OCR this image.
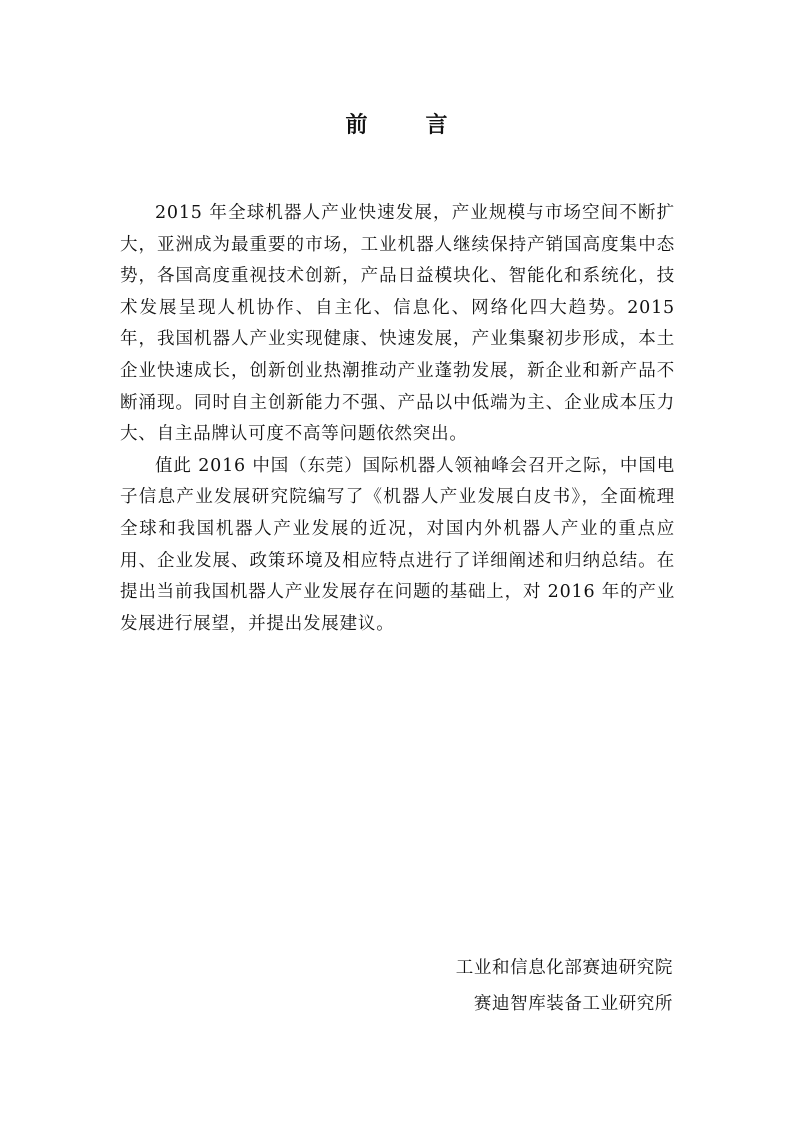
前　言

2015 年全球机器人产业快速发展，产业规模与市场空间不断扩大，亚洲成为最重要的市场，工业机器人继续保持产销国高度集中态势，各国高度重视技术创新，产品日益模块化、智能化和系统化，技术发展呈现人机协作、自主化、信息化、网络化四大趋势。2015 年，我国机器人产业实现健康、快速发展，产业集聚初步形成，本土企业快速成长，创新创业热潮推动产业蓬勃发展，新企业和新产品不断涌现。同时自主创新能力不强、产品以中低端为主、企业成本压力大、自主品牌认可度不高等问题依然突出。

值此 2016 中国（东莞）国际机器人领袖峰会召开之际，中国电子信息产业发展研究院编写了《机器人产业发展白皮书》，全面梳理全球和我国机器人产业发展的近况，对国内外机器人产业的重点应用、企业发展、政策环境及相应特点进行了详细阐述和归纳总结。在提出当前我国机器人产业发展存在问题的基础上，对 2016 年的产业发展进行展望，并提出发展建议。

工业和信息化部赛迪研究院
赛迪智库装备工业研究所
